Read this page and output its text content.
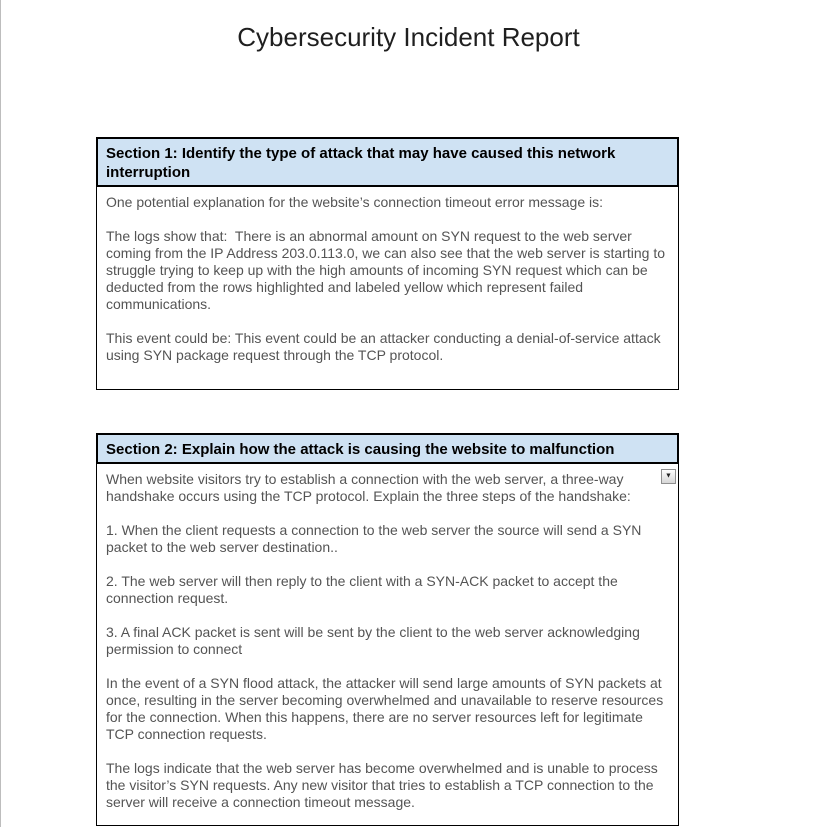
Cybersecurity Incident Report
Section 1: Identify the type of attack that may have caused this network interruption

One potential explanation for the website’s connection timeout error message is:

The logs show that:  There is an abnormal amount on SYN request to the web server coming from the IP Address 203.0.113.0, we can also see that the web server is starting to struggle trying to keep up with the high amounts of incoming SYN request which can be deducted from the rows highlighted and labeled yellow which represent failed communications.

This event could be: This event could be an attacker conducting a denial-of-service attack using SYN package request through the TCP protocol.

Section 2: Explain how the attack is causing the website to malfunction
▼

When website visitors try to establish a connection with the web server, a three-way handshake occurs using the TCP protocol. Explain the three steps of the handshake:

1. When the client requests a connection to the web server the source will send a SYN packet to the web server destination..

2. The web server will then reply to the client with a SYN-ACK packet to accept the connection request.

3. A final ACK packet is sent will be sent by the client to the web server acknowledging permission to connect

In the event of a SYN flood attack, the attacker will send large amounts of SYN packets at once, resulting in the server becoming overwhelmed and unavailable to reserve resources for the connection. When this happens, there are no server resources left for legitimate TCP connection requests.

The logs indicate that the web server has become overwhelmed and is unable to process the visitor’s SYN requests. Any new visitor that tries to establish a TCP connection to the server will receive a connection timeout message.
